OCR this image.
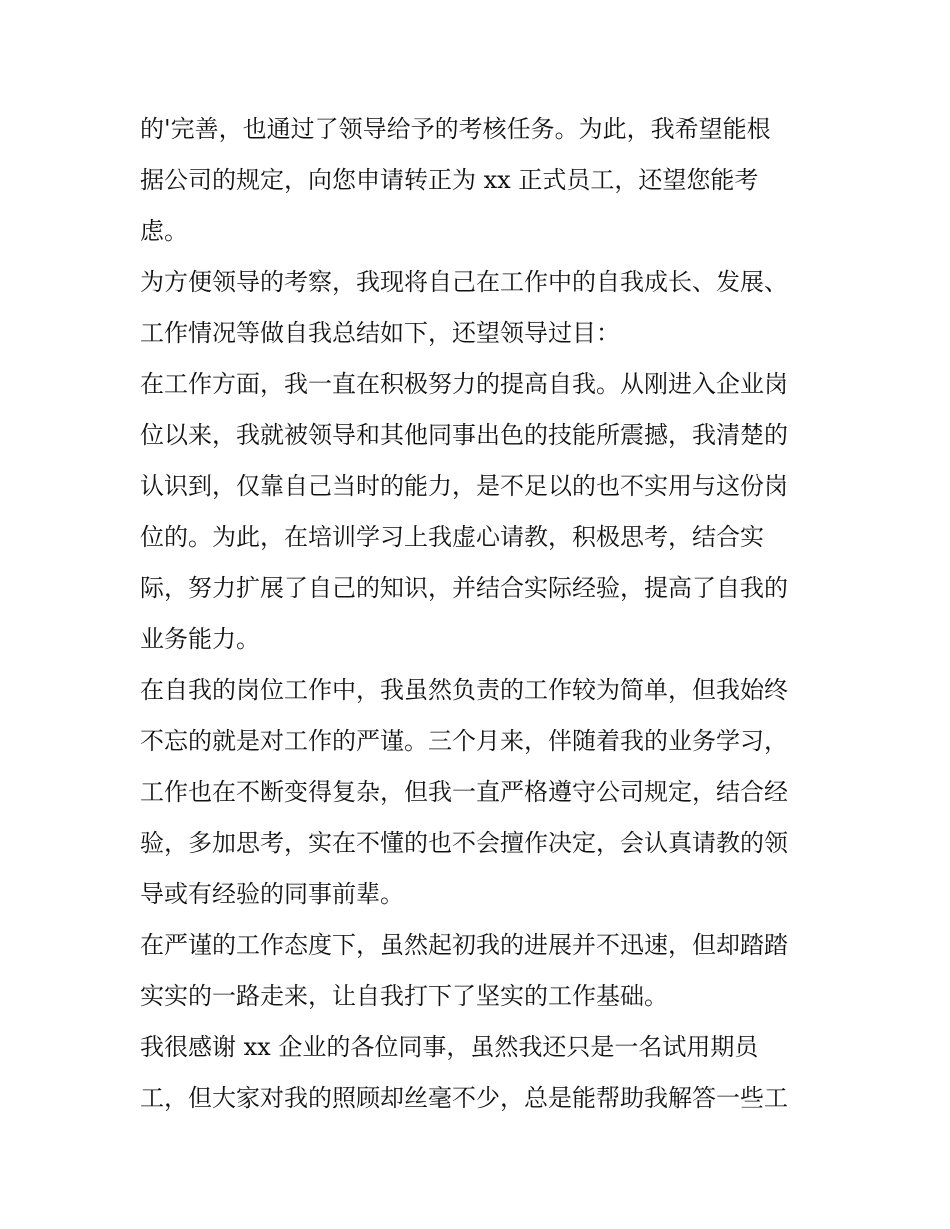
的'完善，也通过了领导给予的考核任务。为此，我希望能根
据公司的规定，向您申请转正为 xx 正式员工，还望您能考
虑。
为方便领导的考察，我现将自己在工作中的自我成长、发展、
工作情况等做自我总结如下，还望领导过目：
在工作方面，我一直在积极努力的提高自我。从刚进入企业岗
位以来，我就被领导和其他同事出色的技能所震撼，我清楚的
认识到，仅靠自己当时的能力，是不足以的也不实用与这份岗
位的。为此，在培训学习上我虚心请教，积极思考，结合实
际，努力扩展了自己的知识，并结合实际经验，提高了自我的
业务能力。
在自我的岗位工作中，我虽然负责的工作较为简单，但我始终
不忘的就是对工作的严谨。三个月来，伴随着我的业务学习，
工作也在不断变得复杂，但我一直严格遵守公司规定，结合经
验，多加思考，实在不懂的也不会擅作决定，会认真请教的领
导或有经验的同事前辈。
在严谨的工作态度下，虽然起初我的进展并不迅速，但却踏踏
实实的一路走来，让自我打下了坚实的工作基础。
我很感谢 xx 企业的各位同事，虽然我还只是一名试用期员
工，但大家对我的照顾却丝毫不少，总是能帮助我解答一些工
